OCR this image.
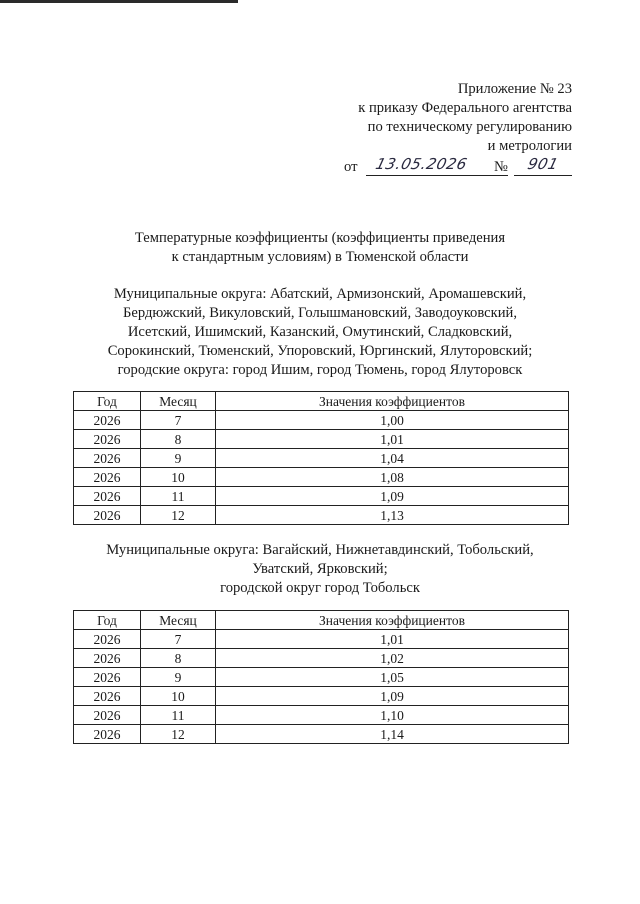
Приложение № 23
к приказу Федерального агентства
по техническому регулированию
и метрологии
от 13.05.2026 № 901
Температурные коэффициенты (коэффициенты приведения
к стандартным условиям) в Тюменской области
Муниципальные округа: Абатский, Армизонский, Аромашевский,
Бердюжский, Викуловский, Голышмановский, Заводоуковский,
Исетский, Ишимский, Казанский, Омутинский, Сладковский,
Сорокинский, Тюменский, Упоровский, Юргинский, Ялуторовский;
городские округа: город Ишим, город Тюмень, город Ялуторовск
Год	Месяц	Значения коэффициентов
2026	7	1,00
2026	8	1,01
2026	9	1,04
2026	10	1,08
2026	11	1,09
2026	12	1,13
Муниципальные округа: Вагайский, Нижнетавдинский, Тобольский,
Уватский, Ярковский;
городской округ город Тобольск
Год	Месяц	Значения коэффициентов
2026	7	1,01
2026	8	1,02
2026	9	1,05
2026	10	1,09
2026	11	1,10
2026	12	1,14
